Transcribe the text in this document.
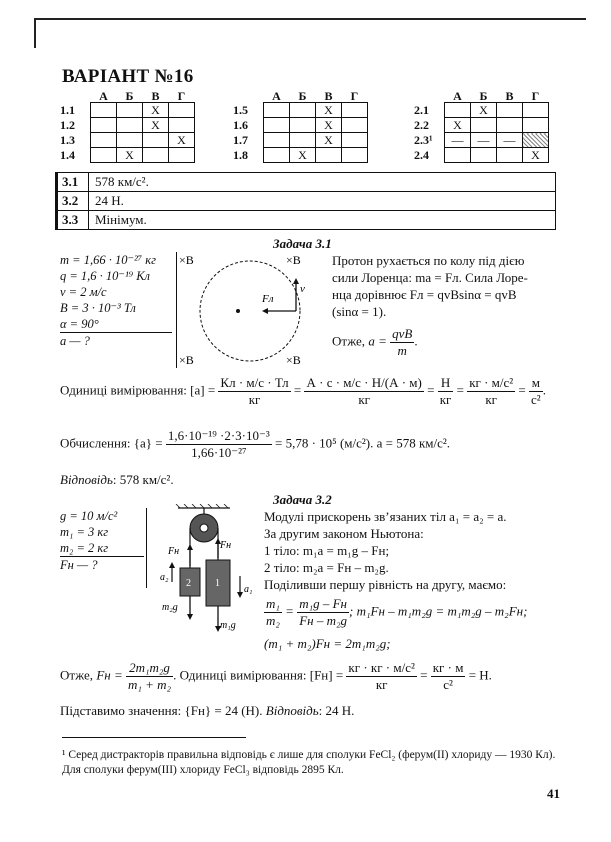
ВАРІАНТ №16
	А	Б	В	Г
1.1			X	
1.2			X	
1.3				X
1.4		X		
	А	Б	В	Г
1.5			X	
1.6			X	
1.7			X	
1.8		X		
	А	Б	В	Г
2.1		X		
2.2	X			
2.3¹	—	—	—	
2.4				X
3.1	578 км/с².
3.2	24 Н.
3.3	Мінімум.
Задача 3.1
m = 1,66 · 10⁻²⁷ кг
q = 1,6 · 10⁻¹⁹ Кл
v = 2 м/с
B = 3 · 10⁻³ Тл
α = 90°
a — ?
×B	×B
×B	×B
Fл
v
Протон рухається по колу під дією
сили Лоренца: ma = Fл. Сила Лоре-
нца дорівнює Fл = qvBsinα = qvB
(sinα = 1).
Отже, $a = \frac{\text{qvB}}{m}$ .
Одиниці вимірювання: $[a] = \frac{Кл \cdot м/с \cdot Тл}{кг} = \frac{А \cdot с \cdot м/с \cdot Н/(А \cdot м)}{кг} = \frac{Н}{кг} = \frac{\text{кг · м/с²}}{кг} = \frac{м}{\text{с²}}$ .
Обчислення: $\{a\} = \frac{\text{1,6·10⁻¹⁹ ·2·3·10⁻³}}{\text{1,66·10⁻²⁷}} = 5,78 \cdot 10^5$ (м/с²). a = 578 км/с².
Відповідь: 578 км/с².
Задача 3.2
g = 10 м/с²
m₁ = 3 кг
m₂ = 2 кг
Fн — ?
2 1
Fн
Fн
m₂g
m₁g
a₂
a₁
Модулі прискорень зв’язаних тіл a₁ = a₂ = a.
За другим законом Ньютона:
1 тіло: m₁a = m₁g – Fн;
2 тіло: m₂a = Fн – m₂g.
Поділивши першу рівність на другу, маємо:
$\frac{\text{m₁}}{\text{m₂}} = \frac{\text{m₁g – Fн}}{\text{Fн – m₂g}}$ ; m₁Fн – m₁m₂g = m₁m₂g – m₂Fн;
(m₁ + m₂)Fн = 2m₁m₂g;
Отже, Fн = $\frac{\text{2m₁m₂g}}{\text{m₁ + m₂}}$ . Одиниці вимірювання: $[Fн] = \frac{\text{кг · кг · м/с²}}{кг} = \frac{кг \cdot м}{\text{с²}} = Н$.
Підставимо значення: {Fн} = 24 (Н). Відповідь: 24 Н.
¹ Серед дистракторів правильна відповідь є лише для сполуки FeCl₂ (ферум(II) хлориду — 1930 Кл). Для сполуки ферум(III) хлориду FeCl₃ відповідь 2895 Кл.
41
